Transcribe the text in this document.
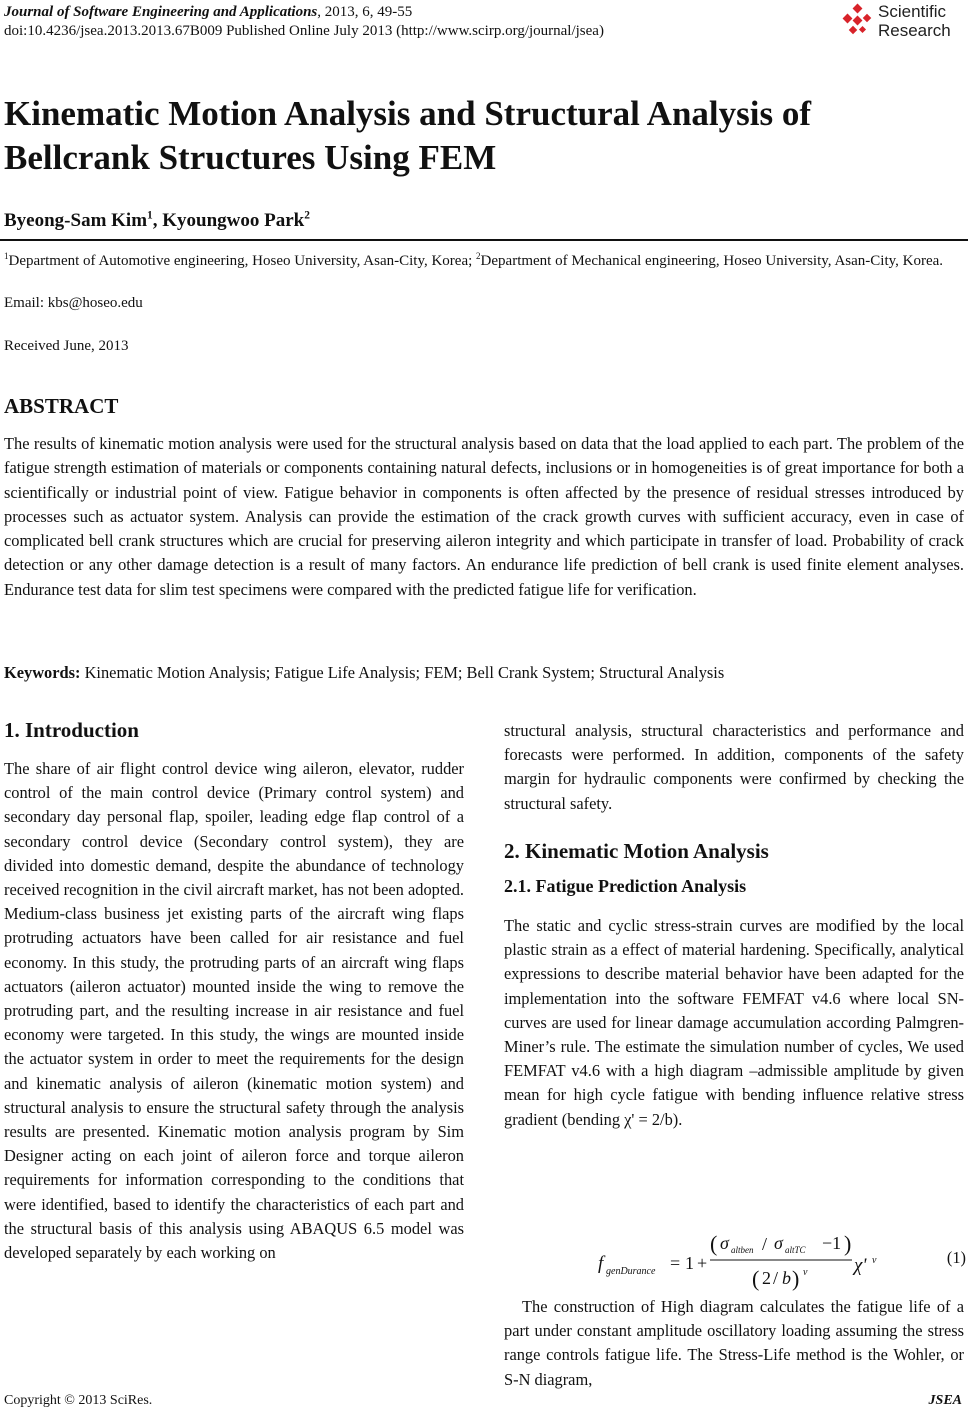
Journal of Software Engineering and Applications, 2013, 6, 49-55
doi:10.4236/jsea.2013.2013.67B009 Published Online July 2013 (http://www.scirp.org/journal/jsea)
Scientific
Research
Kinematic Motion Analysis and Structural Analysis of Bellcrank Structures Using FEM
Byeong-Sam Kim$^1$, Kyoungwoo Park$^2$
$^1$Department of Automotive engineering, Hoseo University, Asan-City, Korea; $^2$Department of Mechanical engineering, Hoseo University, Asan-City, Korea.
Email: kbs@hoseo.edu
Received June, 2013
ABSTRACT
The results of kinematic motion analysis were used for the structural analysis based on data that the load applied to each part. The problem of the fatigue strength estimation of materials or components containing natural defects, inclusions or in homogeneities is of great importance for both a scientifically or industrial point of view. Fatigue behavior in components is often affected by the presence of residual stresses introduced by processes such as actuator system. Analysis can provide the estimation of the crack growth curves with sufficient accuracy, even in case of complicated bell crank structures which are crucial for preserving aileron integrity and which participate in transfer of load. Probability of crack detection or any other damage detection is a result of many factors. An endurance life prediction of bell crank is used finite element analyses. Endurance test data for slim test specimens were compared with the predicted fatigue life for verification.
Keywords: Kinematic Motion Analysis; Fatigue Life Analysis; FEM; Bell Crank System; Structural Analysis
1. Introduction
The share of air flight control device wing aileron, elevator, rudder control of the main control device (Primary control system) and secondary day personal flap, spoiler, leading edge flap control of a secondary control device (Secondary control system), they are divided into domestic demand, despite the abundance of technology received recognition in the civil aircraft market, has not been adopted. Medium-class business jet existing parts of the aircraft wing flaps protruding actuators have been called for air resistance and fuel economy. In this study, the protruding parts of an aircraft wing flaps actuators (aileron actuator) mounted inside the wing to remove the protruding part, and the resulting increase in air resistance and fuel economy were targeted. In this study, the wings are mounted inside the actuator system in order to meet the requirements for the design and kinematic analysis of aileron (kinematic motion system) and structural analysis to ensure the structural safety through the analysis results are presented. Kinematic motion analysis program by Sim Designer acting on each joint of aileron force and torque aileron requirements for information corresponding to the conditions that were identified, based to identify the characteristics of each part and the structural basis of this analysis using ABAQUS 6.5 model was developed separately by each working on
structural analysis, structural characteristics and performance and forecasts were performed. In addition, components of the safety margin for hydraulic components were confirmed by checking the structural safety.
2. Kinematic Motion Analysis
2.1. Fatigue Prediction Analysis
The static and cyclic stress-strain curves are modified by the local plastic strain as a effect of material hardening. Specifically, analytical expressions to describe material behavior have been adapted for the implementation into the software FEMFAT v4.6 where local SN-curves are used for linear damage accumulation according Palmgren-Miner’s rule. The estimate the simulation number of cycles, We used FEMFAT v4.6 with a high diagram –admissible amplitude by given mean for high cycle fatigue with bending influence relative stress gradient (bending χ' = 2/b).
f genDurance = 1 +
( σ altben / σ altTC −1 )
( 2 / b ) ν χ' ν	(1)
The construction of High diagram calculates the fatigue life of a part under constant amplitude oscillatory loading assuming the stress range controls fatigue life. The Stress-Life method is the Wohler, or S-N diagram,
Copyright © 2013 SciRes.	JSEA
